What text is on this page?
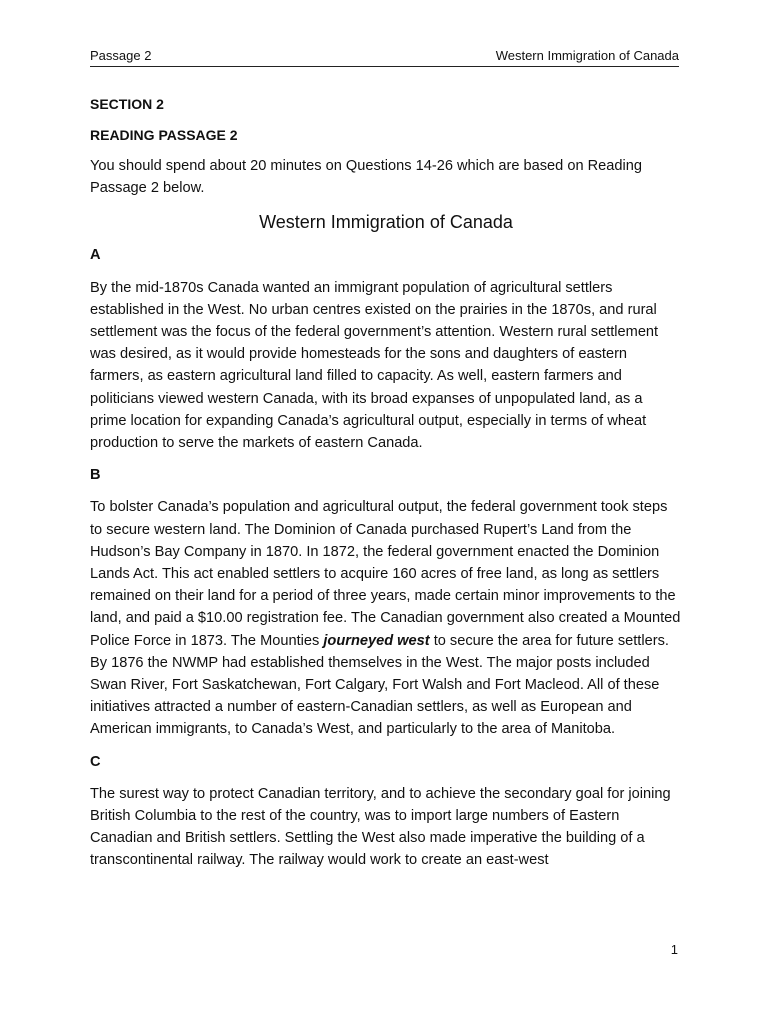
Passage 2	Western Immigration of Canada

SECTION 2

READING PASSAGE 2

You should spend about 20 minutes on Questions 14-26 which are based on Reading Passage 2 below.

Western Immigration of Canada

A

By the mid-1870s Canada wanted an immigrant population of agricultural settlers established in the West. No urban centres existed on the prairies in the 1870s, and rural settlement was the focus of the federal government’s attention. Western rural settlement was desired, as it would provide homesteads for the sons and daughters of eastern farmers, as eastern agricultural land filled to capacity. As well, eastern farmers and politicians viewed western Canada, with its broad expanses of unpopulated land, as a prime location for expanding Canada’s agricultural output, especially in terms of wheat production to serve the markets of eastern Canada.

B

To bolster Canada’s population and agricultural output, the federal government took steps to secure western land. The Dominion of Canada purchased Rupert’s Land from the Hudson’s Bay Company in 1870. In 1872, the federal government enacted the Dominion Lands Act. This act enabled settlers to acquire 160 acres of free land, as long as settlers remained on their land for a period of three years, made certain minor improvements to the land, and paid a $10.00 registration fee. The Canadian government also created a Mounted Police Force in 1873. The Mounties journeyed west to secure the area for future settlers. By 1876 the NWMP had established themselves in the West. The major posts included Swan River, Fort Saskatchewan, Fort Calgary, Fort Walsh and Fort Macleod. All of these initiatives attracted a number of eastern-Canadian settlers, as well as European and American immigrants, to Canada’s West, and particularly to the area of Manitoba.

C

The surest way to protect Canadian territory, and to achieve the secondary goal for joining British Columbia to the rest of the country, was to import large numbers of Eastern Canadian and British settlers. Settling the West also made imperative the building of a transcontinental railway. The railway would work to create an east-west

1
